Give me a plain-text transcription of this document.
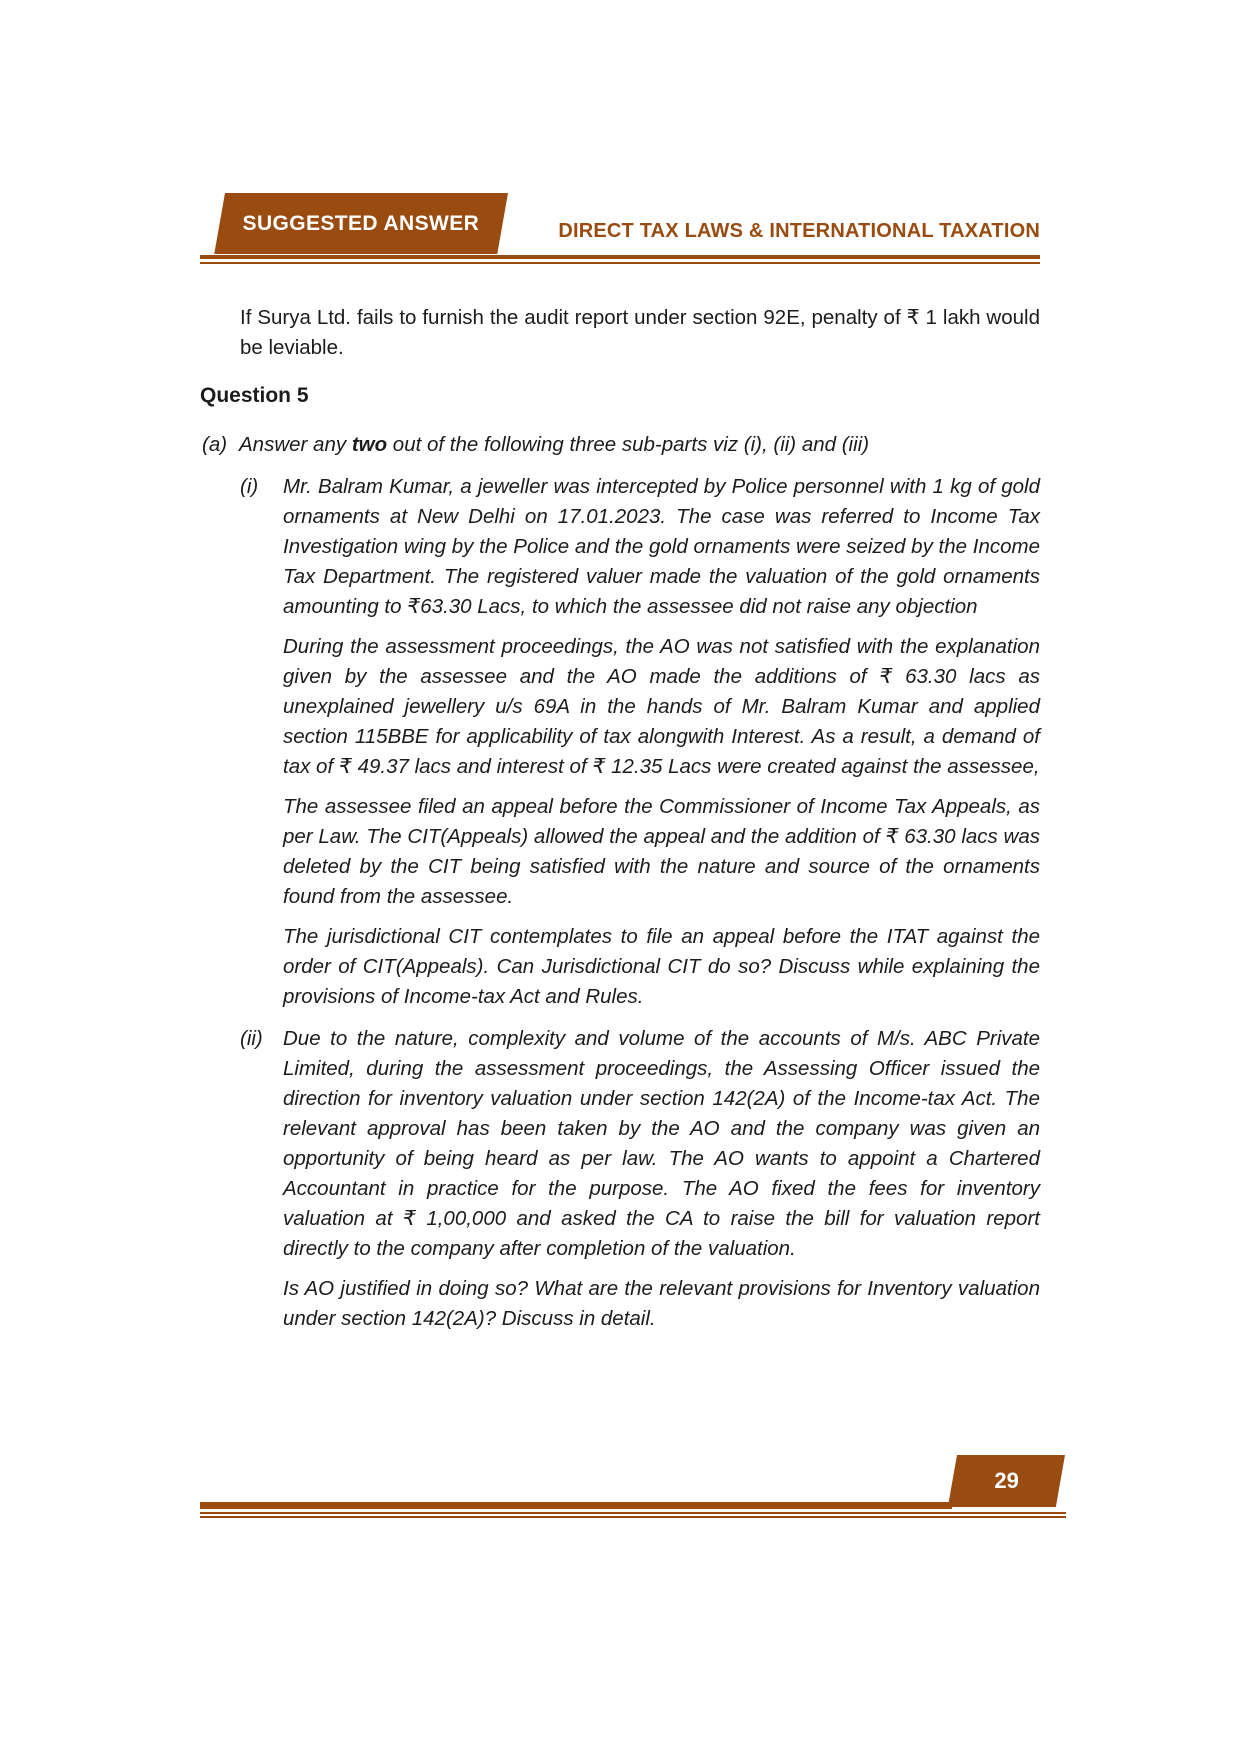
SUGGESTED ANSWER	DIRECT TAX LAWS & INTERNATIONAL TAXATION
If Surya Ltd. fails to furnish the audit report under section 92E, penalty of ₹ 1 lakh would be leviable.
Question 5
(a) Answer any two out of the following three sub-parts viz (i), (ii) and (iii)
(i)	Mr. Balram Kumar, a jeweller was intercepted by Police personnel with 1 kg of gold ornaments at New Delhi on 17.01.2023. The case was referred to Income Tax Investigation wing by the Police and the gold ornaments were seized by the Income Tax Department. The registered valuer made the valuation of the gold ornaments amounting to ₹63.30 Lacs, to which the assessee did not raise any objection
During the assessment proceedings, the AO was not satisfied with the explanation given by the assessee and the AO made the additions of ₹ 63.30 lacs as unexplained jewellery u/s 69A in the hands of Mr. Balram Kumar and applied section 115BBE for applicability of tax alongwith Interest. As a result, a demand of tax of ₹ 49.37 lacs and interest of ₹ 12.35 Lacs were created against the assessee,
The assessee filed an appeal before the Commissioner of Income Tax Appeals, as per Law. The CIT(Appeals) allowed the appeal and the addition of ₹ 63.30 lacs was deleted by the CIT being satisfied with the nature and source of the ornaments found from the assessee.
The jurisdictional CIT contemplates to file an appeal before the ITAT against the order of CIT(Appeals). Can Jurisdictional CIT do so? Discuss while explaining the provisions of Income-tax Act and Rules.
(ii) Due to the nature, complexity and volume of the accounts of M/s. ABC Private Limited, during the assessment proceedings, the Assessing Officer issued the direction for inventory valuation under section 142(2A) of the Income-tax Act. The relevant approval has been taken by the AO and the company was given an opportunity of being heard as per law. The AO wants to appoint a Chartered Accountant in practice for the purpose. The AO fixed the fees for inventory valuation at ₹ 1,00,000 and asked the CA to raise the bill for valuation report directly to the company after completion of the valuation.
Is AO justified in doing so? What are the relevant provisions for Inventory valuation under section 142(2A)? Discuss in detail.
29
